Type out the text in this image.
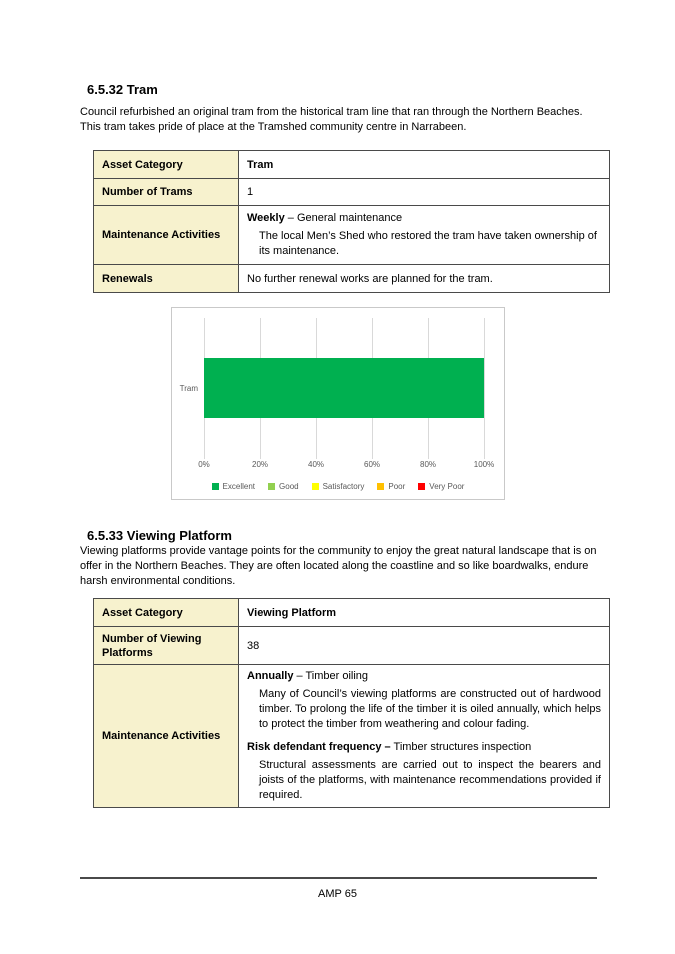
6.5.32 Tram

Council refurbished an original tram from the historical tram line that ran through the Northern Beaches. This tram takes pride of place at the Tramshed community centre in Narrabeen.

Asset Category	Tram
Number of Trams	1
Maintenance Activities	Weekly – General maintenance

The local Men’s Shed who restored the tram have taken ownership of its maintenance.

Renewals	No further renewal works are planned for the tram.
Tram
0%	20%	40%	60%	80%	100%
Excellent	Good	Satisfactory	Poor	Very Poor
6.5.33 Viewing Platform

Viewing platforms provide vantage points for the community to enjoy the great natural landscape that is on offer in the Northern Beaches. They are often located along the coastline and so like boardwalks, endure harsh environmental conditions.

Asset Category	Viewing Platform
Number of Viewing Platforms	38
Maintenance Activities	Annually – Timber oiling

Many of Council’s viewing platforms are constructed out of hardwood timber. To prolong the life of the timber it is oiled annually, which helps to protect the timber from weathering and colour fading.

Risk defendant frequency – Timber structures inspection

Structural assessments are carried out to inspect the bearers and joists of the platforms, with maintenance recommendations provided if required.

AMP 65
